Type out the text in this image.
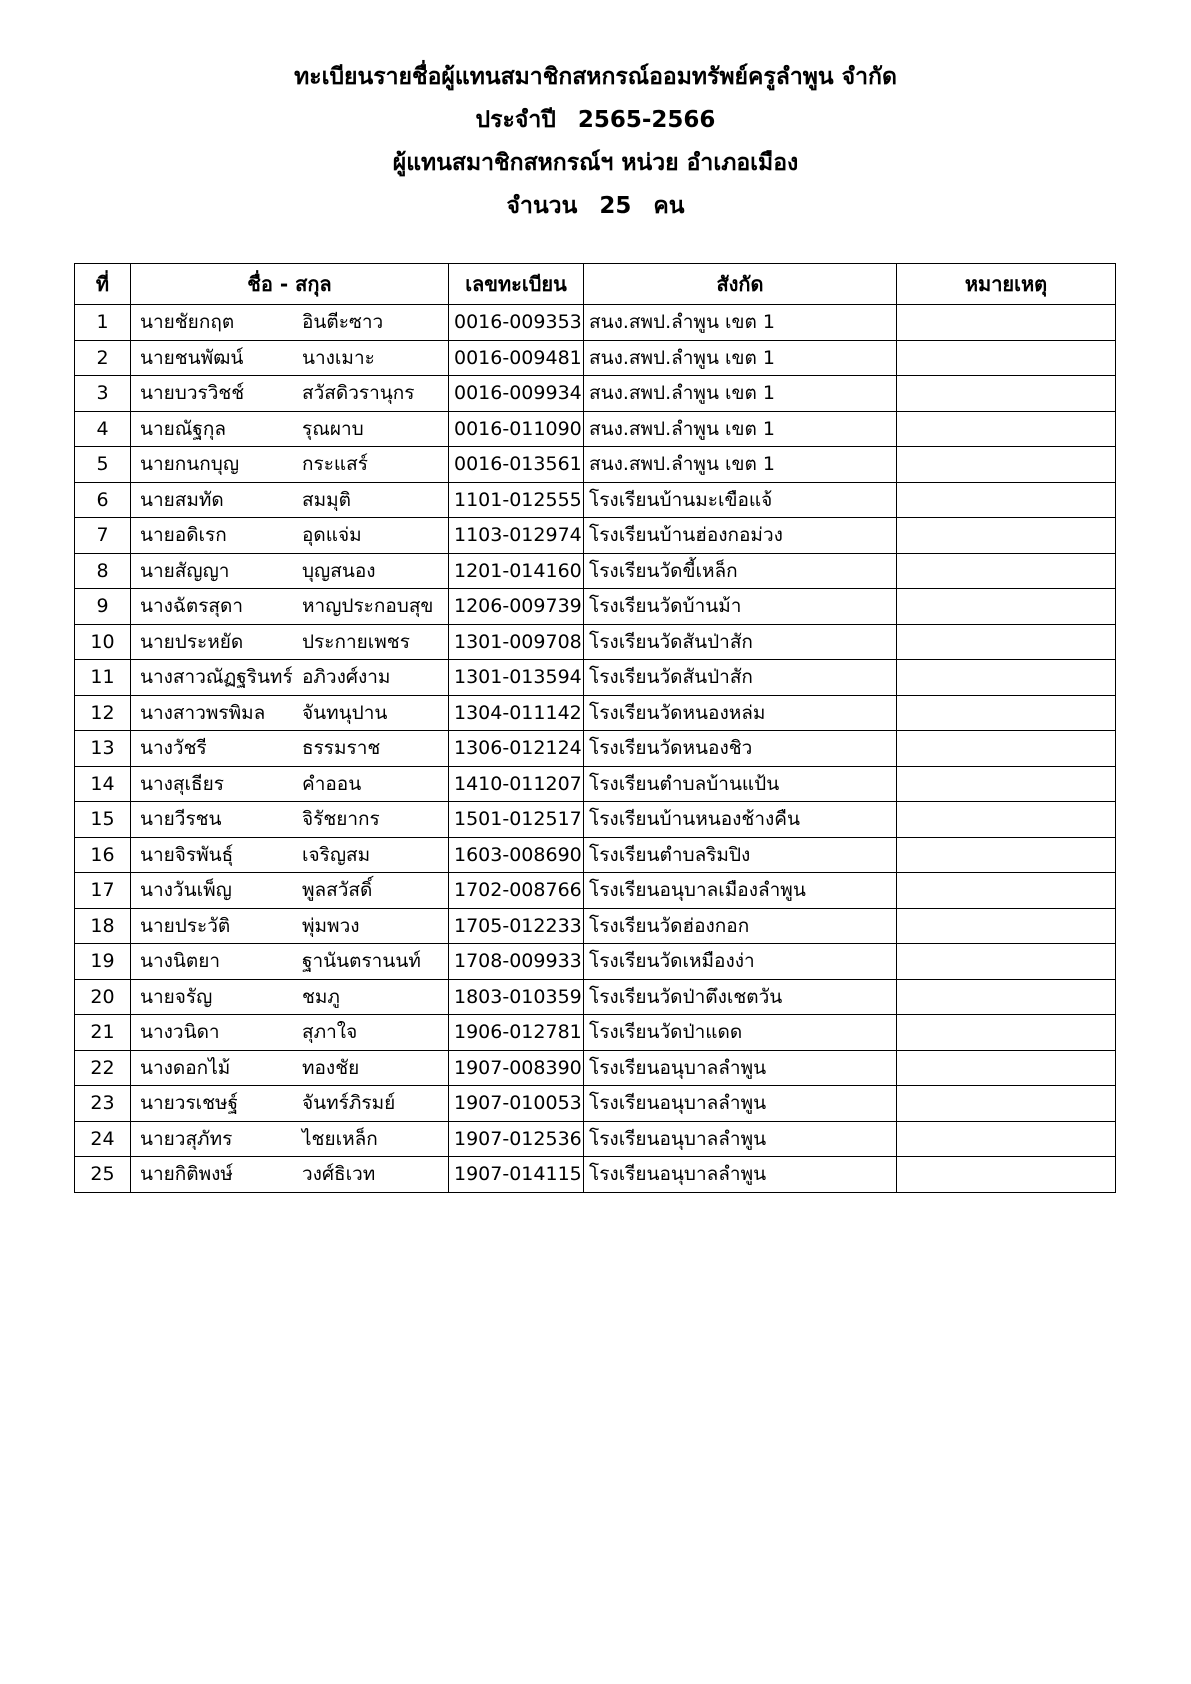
ทะเบียนรายชื่อผู้แทนสมาชิกสหกรณ์ออมทรัพย์ครูลำพูน จำกัด
ประจำปี 2565-2566
ผู้แทนสมาชิกสหกรณ์ฯ หน่วย อำเภอเมือง
จำนวน 25 คน
ที่	ชื่อ - สกุล	เลขทะเบียน	สังกัด	หมายเหตุ
1	นายชัยกฤต อินตีะซาว	0016-009353	สนง.สพป.ลำพูน เขต 1	
2	นายชนพัฒน์ นางเมาะ	0016-009481	สนง.สพป.ลำพูน เขต 1	
3	นายบวรวิชช์ สวัสดิวรานุกร	0016-009934	สนง.สพป.ลำพูน เขต 1	
4	นายณัฐกุล รุณผาบ	0016-011090	สนง.สพป.ลำพูน เขต 1	
5	นายกนกบุญ กระแสร์	0016-013561	สนง.สพป.ลำพูน เขต 1	
6	นายสมทัด สมมุติ	1101-012555	โรงเรียนบ้านมะเขือแจ้	
7	นายอดิเรก อุดแจ่ม	1103-012974	โรงเรียนบ้านฮ่องกอม่วง	
8	นายสัญญา บุญสนอง	1201-014160	โรงเรียนวัดขี้เหล็ก	
9	นางฉัตรสุดา หาญประกอบสุข	1206-009739	โรงเรียนวัดบ้านม้า	
10	นายประหยัด ประกายเพชร	1301-009708	โรงเรียนวัดสันป่าสัก	
11	นางสาวณัฏฐรินทร์ อภิวงศ์งาม	1301-013594	โรงเรียนวัดสันป่าสัก	
12	นางสาวพรพิมล จันทนุปาน	1304-011142	โรงเรียนวัดหนองหล่ม	
13	นางวัชรี ธรรมราช	1306-012124	โรงเรียนวัดหนองชิว	
14	นางสุเธียร คำออน	1410-011207	โรงเรียนตำบลบ้านแป้น	
15	นายวีรชน จิรัชยากร	1501-012517	โรงเรียนบ้านหนองช้างคืน	
16	นายจิรพันธุ์ เจริญสม	1603-008690	โรงเรียนตำบลริมปิง	
17	นางวันเพ็ญ พูลสวัสดิ์	1702-008766	โรงเรียนอนุบาลเมืองลำพูน	
18	นายประวัติ พุ่มพวง	1705-012233	โรงเรียนวัดฮ่องกอก	
19	นางนิตยา ฐานันตรานนท์	1708-009933	โรงเรียนวัดเหมืองง่า	
20	นายจรัญ ชมภู	1803-010359	โรงเรียนวัดป่าตึงเชตวัน	
21	นางวนิดา สุภาใจ	1906-012781	โรงเรียนวัดป่าแดด	
22	นางดอกไม้ ทองชัย	1907-008390	โรงเรียนอนุบาลลำพูน	
23	นายวรเชษฐ์ จันทร์ภิรมย์	1907-010053	โรงเรียนอนุบาลลำพูน	
24	นายวสุภัทร ไชยเหล็ก	1907-012536	โรงเรียนอนุบาลลำพูน	
25	นายกิติพงษ์ วงศ์ธิเวท	1907-014115	โรงเรียนอนุบาลลำพูน	
